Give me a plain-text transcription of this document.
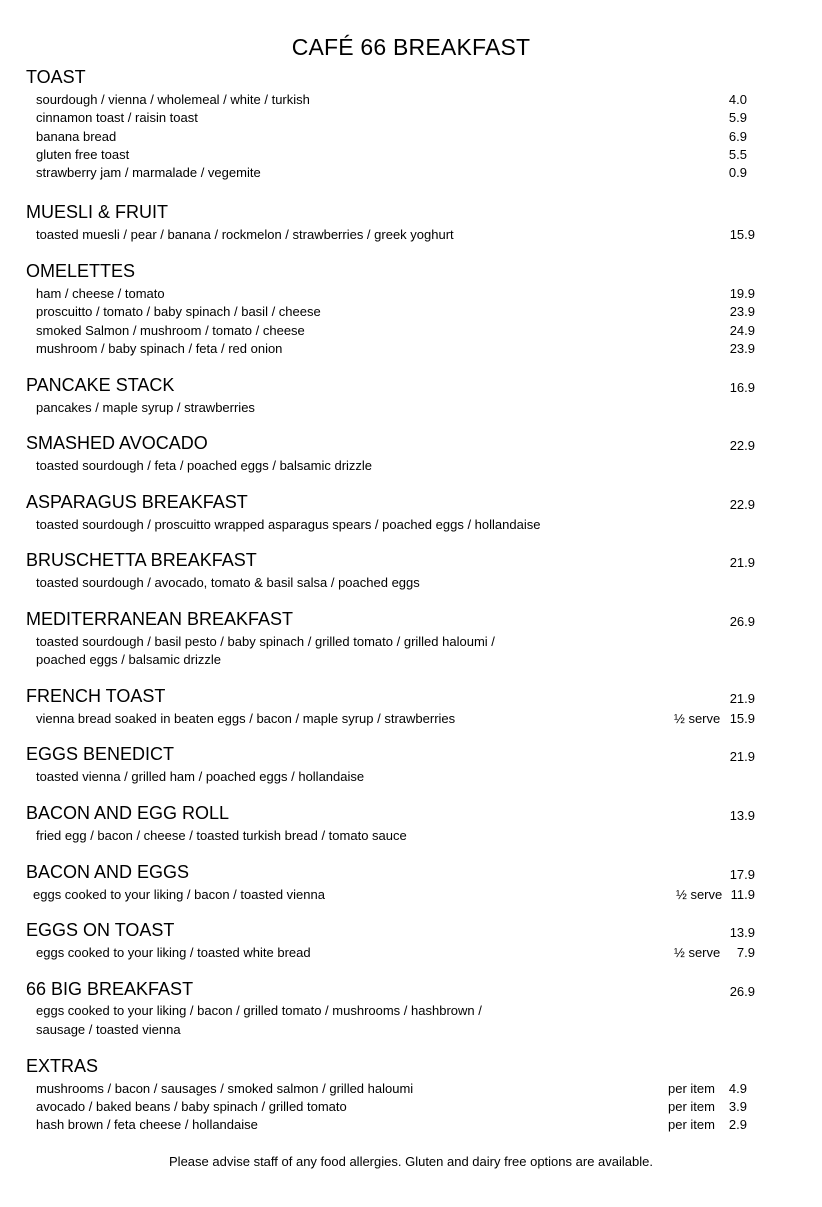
CAFÉ 66 BREAKFAST
TOAST
sourdough / vienna / wholemeal / white / turkish	4.0
cinnamon toast / raisin toast	5.9
banana bread	6.9
gluten free toast	5.5
strawberry jam / marmalade / vegemite	0.9
MUESLI & FRUIT
toasted muesli / pear / banana / rockmelon / strawberries / greek yoghurt	15.9
OMELETTES
ham / cheese / tomato	19.9
proscuitto / tomato / baby spinach / basil / cheese	23.9
smoked Salmon / mushroom / tomato / cheese	24.9
mushroom / baby spinach / feta / red onion	23.9
PANCAKE STACK	16.9
pancakes / maple syrup / strawberries
SMASHED AVOCADO	22.9
toasted sourdough / feta / poached eggs / balsamic drizzle
ASPARAGUS BREAKFAST	22.9
toasted sourdough / proscuitto wrapped asparagus spears / poached eggs / hollandaise
BRUSCHETTA BREAKFAST	21.9
toasted sourdough / avocado, tomato & basil salsa / poached eggs
MEDITERRANEAN BREAKFAST	26.9
toasted sourdough / basil pesto / baby spinach / grilled tomato / grilled haloumi /
poached eggs / balsamic drizzle
FRENCH TOAST	21.9
vienna bread soaked in beaten eggs / bacon / maple syrup / strawberries	½ serve 15.9
EGGS BENEDICT	21.9
toasted vienna / grilled ham / poached eggs / hollandaise
BACON AND EGG ROLL	13.9
fried egg / bacon / cheese / toasted turkish bread / tomato sauce
BACON AND EGGS	17.9
eggs cooked to your liking / bacon / toasted vienna	½ serve 11.9
EGGS ON TOAST	13.9
eggs cooked to your liking / toasted white bread	½ serve 7.9
66 BIG BREAKFAST	26.9
eggs cooked to your liking / bacon / grilled tomato / mushrooms / hashbrown /
sausage / toasted vienna
EXTRAS
mushrooms / bacon / sausages / smoked salmon / grilled haloumi	per item 4.9
avocado / baked beans / baby spinach / grilled tomato	per item 3.9
hash brown / feta cheese / hollandaise	per item 2.9
Please advise staff of any food allergies. Gluten and dairy free options are available.
